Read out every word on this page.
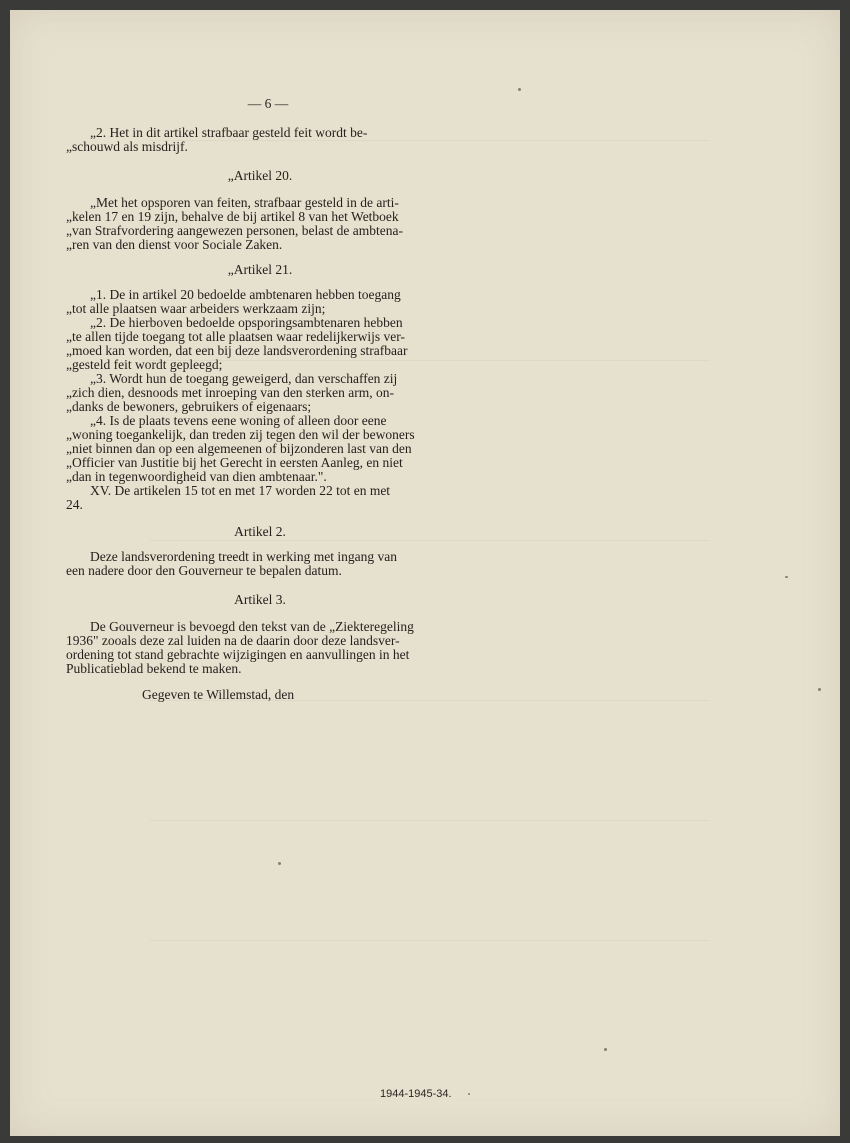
— 6 —

„2. Het in dit artikel strafbaar gesteld feit wordt be-

„schouwd als misdrijf.

„Artikel 20.

„Met het opsporen van feiten, strafbaar gesteld in de arti-

„kelen 17 en 19 zijn, behalve de bij artikel 8 van het Wetboek

„van Strafvordering aangewezen personen, belast de ambtena-

„ren van den dienst voor Sociale Zaken.

„Artikel 21.

„1. De in artikel 20 bedoelde ambtenaren hebben toegang

„tot alle plaatsen waar arbeiders werkzaam zijn;

„2. De hierboven bedoelde opsporingsambtenaren hebben

„te allen tijde toegang tot alle plaatsen waar redelijkerwijs ver-

„moed kan worden, dat een bij deze landsverordening strafbaar

„gesteld feit wordt gepleegd;

„3. Wordt hun de toegang geweigerd, dan verschaffen zij

„zich dien, desnoods met inroeping van den sterken arm, on-

„danks de bewoners, gebruikers of eigenaars;

„4. Is de plaats tevens eene woning of alleen door eene

„woning toegankelijk, dan treden zij tegen den wil der bewoners

„niet binnen dan op een algemeenen of bijzonderen last van den

„Officier van Justitie bij het Gerecht in eersten Aanleg, en niet

„dan in tegenwoordigheid van dien ambtenaar.".

XV. De artikelen 15 tot en met 17 worden 22 tot en met

24.

Artikel 2.

Deze landsverordening treedt in werking met ingang van

een nadere door den Gouverneur te bepalen datum.

Artikel 3.

De Gouverneur is bevoegd den tekst van de „Ziekteregeling

1936" zooals deze zal luiden na de daarin door deze landsver-

ordening tot stand gebrachte wijzigingen en aanvullingen in het

Publicatieblad bekend te maken.

Gegeven te Willemstad, den
1944-1945-34.
